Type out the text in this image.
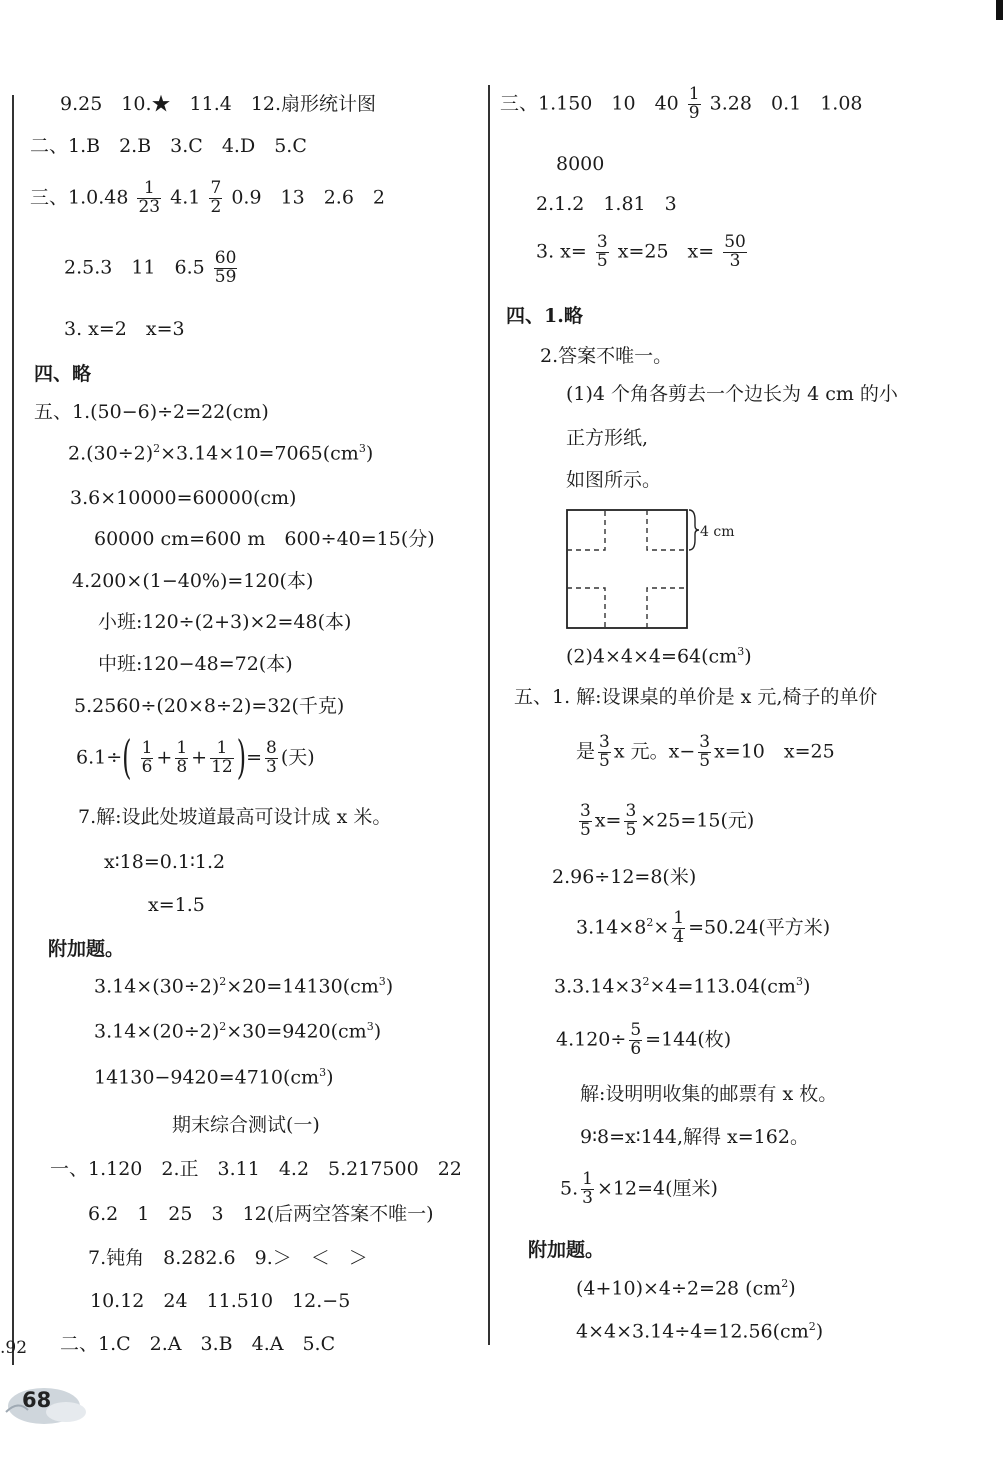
9.25　10.★　11.4　12.扇形统计图
二、1.B　2.B　3.C　4.D　5.C
三、$1.0.48 \frac{1}{23} 4.1 \frac{7}{2} 0.9$　13　2.6　2
2.5.3　11　$6.5 \frac{60}{59}$
3. x=2　x=3
四、略
五、1.(50−6)÷2=22(cm)
$2.(30\div 2)^2\times 3.14\times 10=7065(cm^3)$
3.6×10000=60000(cm)
60000 cm=600 m　600÷40=15(分)
4.200×(1−40%)=120(本)
小班:120÷(2+3)×2=48(本)
中班:120−48=72(本)
5.2560÷(20×8÷2)=32(千克)
$6.1\div( \frac{1}{6} + \frac{1}{8} + \frac{1}{12}$ )= $\frac{8}{3}$ (天)
7.解:设此处坡道最高可设计成 x 米。
x∶18=0.1∶1.2
x=1.5
附加题。
$3.14\times(30\div 2)^2\times 20=14130(cm^3)$
$3.14\times(20\div 2)^2\times 30=9420(cm^3)$
$14130-9420=4710(cm^3)$
期末综合测试(一)
一、1.120　2.正　3.11　4.2　5.217500　22
6.2　1　25　3　12(后两空答案不唯一)
7.钝角　8.282.6　9.＞　＜　＞
10.12　24　11.510　12.−5
二、1.C　2.A　3.B　4.A　5.C
.92
68
三、1.150　10　$40 \frac{1}{9} 3.28$　0.1　1.08
8000
2.1.2　1.81　3
3. $x= \frac{3}{5} x=25$　$x= \frac{50}{3}$
四、1.略
2.答案不唯一。
(1)4 个角各剪去一个边长为 4 cm 的小
正方形纸,
如图所示。
4 cm
$(2)4\times 4\times 4=64(cm^3)$
五、1. 解:设课桌的单价是 x 元,椅子的单价
是 $\frac{3}{5}$ x 元。$x- \frac{3}{5} x=10$　x=25
$\frac{3}{5} x= \frac{3}{5} \times 25=15$(元)
2.96÷12=8(米)
$3.14\times 8^2\times \frac{1}{4} =50.24$(平方米)
$3.3.14\times 3^2\times 4=113.04(cm^3)$
$4.120\div \frac{5}{6} =144$(枚)
解:设明明收集的邮票有 x 枚。
9∶8=x∶144,解得 x=162。
5. $\frac{1}{3} \times 12=4$(厘米)
附加题。
(4+10)×4÷2=28 $(cm^2)$
$4\times 4\times 3.14\div 4=12.56(cm^2)$
